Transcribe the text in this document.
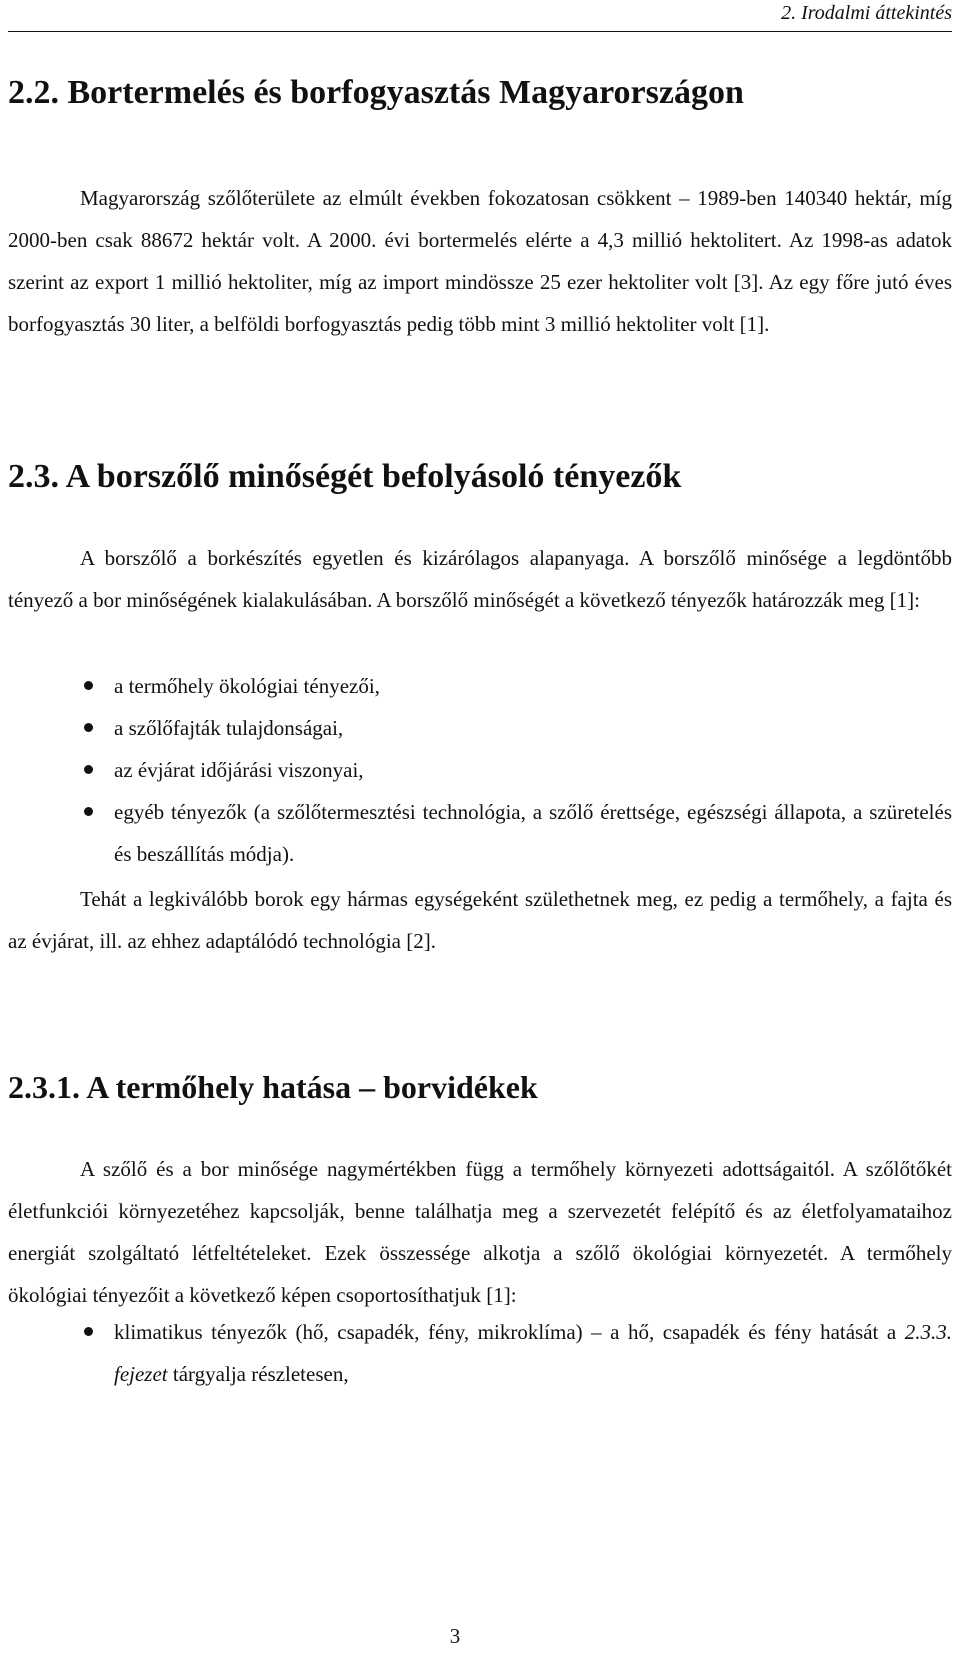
2. Irodalmi áttekintés
2.2. Bortermelés és borfogyasztás Magyarországon

Magyarország szőlőterülete az elmúlt években fokozatosan csökkent – 1989-ben 140340 hektár, míg 2000-ben csak 88672 hektár volt. A 2000. évi bortermelés elérte a 4,3 millió hektolitert. Az 1998-as adatok szerint az export 1 millió hektoliter, míg az import mindössze 25 ezer hektoliter volt [3]. Az egy főre jutó éves borfogyasztás 30 liter, a belföldi borfogyasztás pedig több mint 3 millió hektoliter volt [1].

2.3. A borszőlő minőségét befolyásoló tényezők

A borszőlő a borkészítés egyetlen és kizárólagos alapanyaga. A borszőlő minősége a legdöntőbb tényező a bor minőségének kialakulásában. A borszőlő minőségét a következő tényezők határozzák meg [1]:

a termőhely ökológiai tényezői,
a szőlőfajták tulajdonságai,
az évjárat időjárási viszonyai,
egyéb tényezők (a szőlőtermesztési technológia, a szőlő érettsége, egészségi állapota, a szüretelés és beszállítás módja).

Tehát a legkiválóbb borok egy hármas egységeként születhetnek meg, ez pedig a termőhely, a fajta és az évjárat, ill. az ehhez adaptálódó technológia [2].

2.3.1. A termőhely hatása – borvidékek

A szőlő és a bor minősége nagymértékben függ a termőhely környezeti adottságaitól. A szőlőtőkét életfunkciói környezetéhez kapcsolják, benne találhatja meg a szervezetét felépítő és az életfolyamataihoz energiát szolgáltató létfeltételeket. Ezek összessége alkotja a szőlő ökológiai környezetét. A termőhely ökológiai tényezőit a következő képen csoportosíthatjuk [1]:

klimatikus tényezők (hő, csapadék, fény, mikroklíma) – a hő, csapadék és fény hatását a 2.3.3. fejezet tárgyalja részletesen,
3
